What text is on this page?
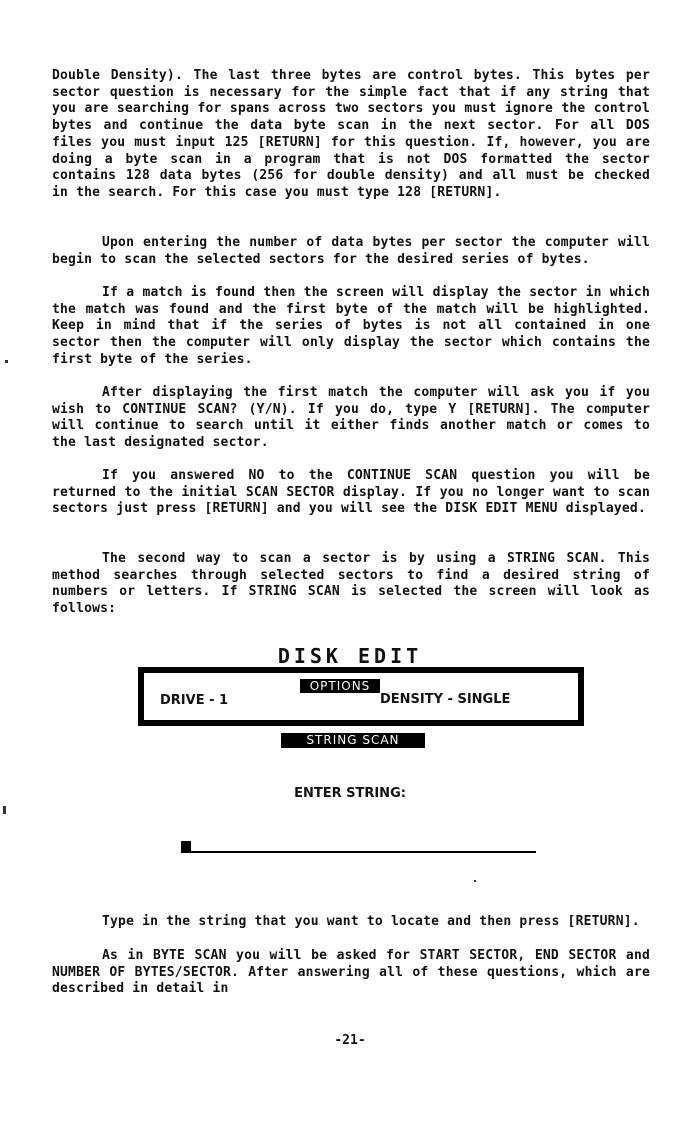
Double Density). The last three bytes are control bytes. This bytes per sector question is necessary for the simple fact that if any string that you are searching for spans across two sectors you must ignore the control bytes and continue the data byte scan in the next sector. For all DOS files you must input 125 [RETURN] for this question. If, however, you are doing a byte scan in a program that is not DOS formatted the sector contains 128 data bytes (256 for double density) and all must be checked in the search. For this case you must type 128 [RETURN].
Upon entering the number of data bytes per sector the computer will begin to scan the selected sectors for the desired series of bytes.
If a match is found then the screen will display the sector in which the match was found and the first byte of the match will be highlighted. Keep in mind that if the series of bytes is not all contained in one sector then the computer will only display the sector which contains the first byte of the series.
After displaying the first match the computer will ask you if you wish to CONTINUE SCAN? (Y/N). If you do, type Y [RETURN]. The computer will continue to search until it either finds another match or comes to the last designated sector.
If you answered NO to the CONTINUE SCAN question you will be returned to the initial SCAN SECTOR display. If you no longer want to scan sectors just press [RETURN] and you will see the DISK EDIT MENU displayed.
The second way to scan a sector is by using a STRING SCAN. This method searches through selected sectors to find a desired string of numbers or letters. If STRING SCAN is selected the screen will look as follows:
DISK EDIT
OPTIONS
DRIVE - 1	DENSITY - SINGLE
STRING SCAN
ENTER STRING:
Type in the string that you want to locate and then press [RETURN].
As in BYTE SCAN you will be asked for START SECTOR, END SECTOR and NUMBER OF BYTES/SECTOR. After answering all of these questions, which are described in detail in
-21-
